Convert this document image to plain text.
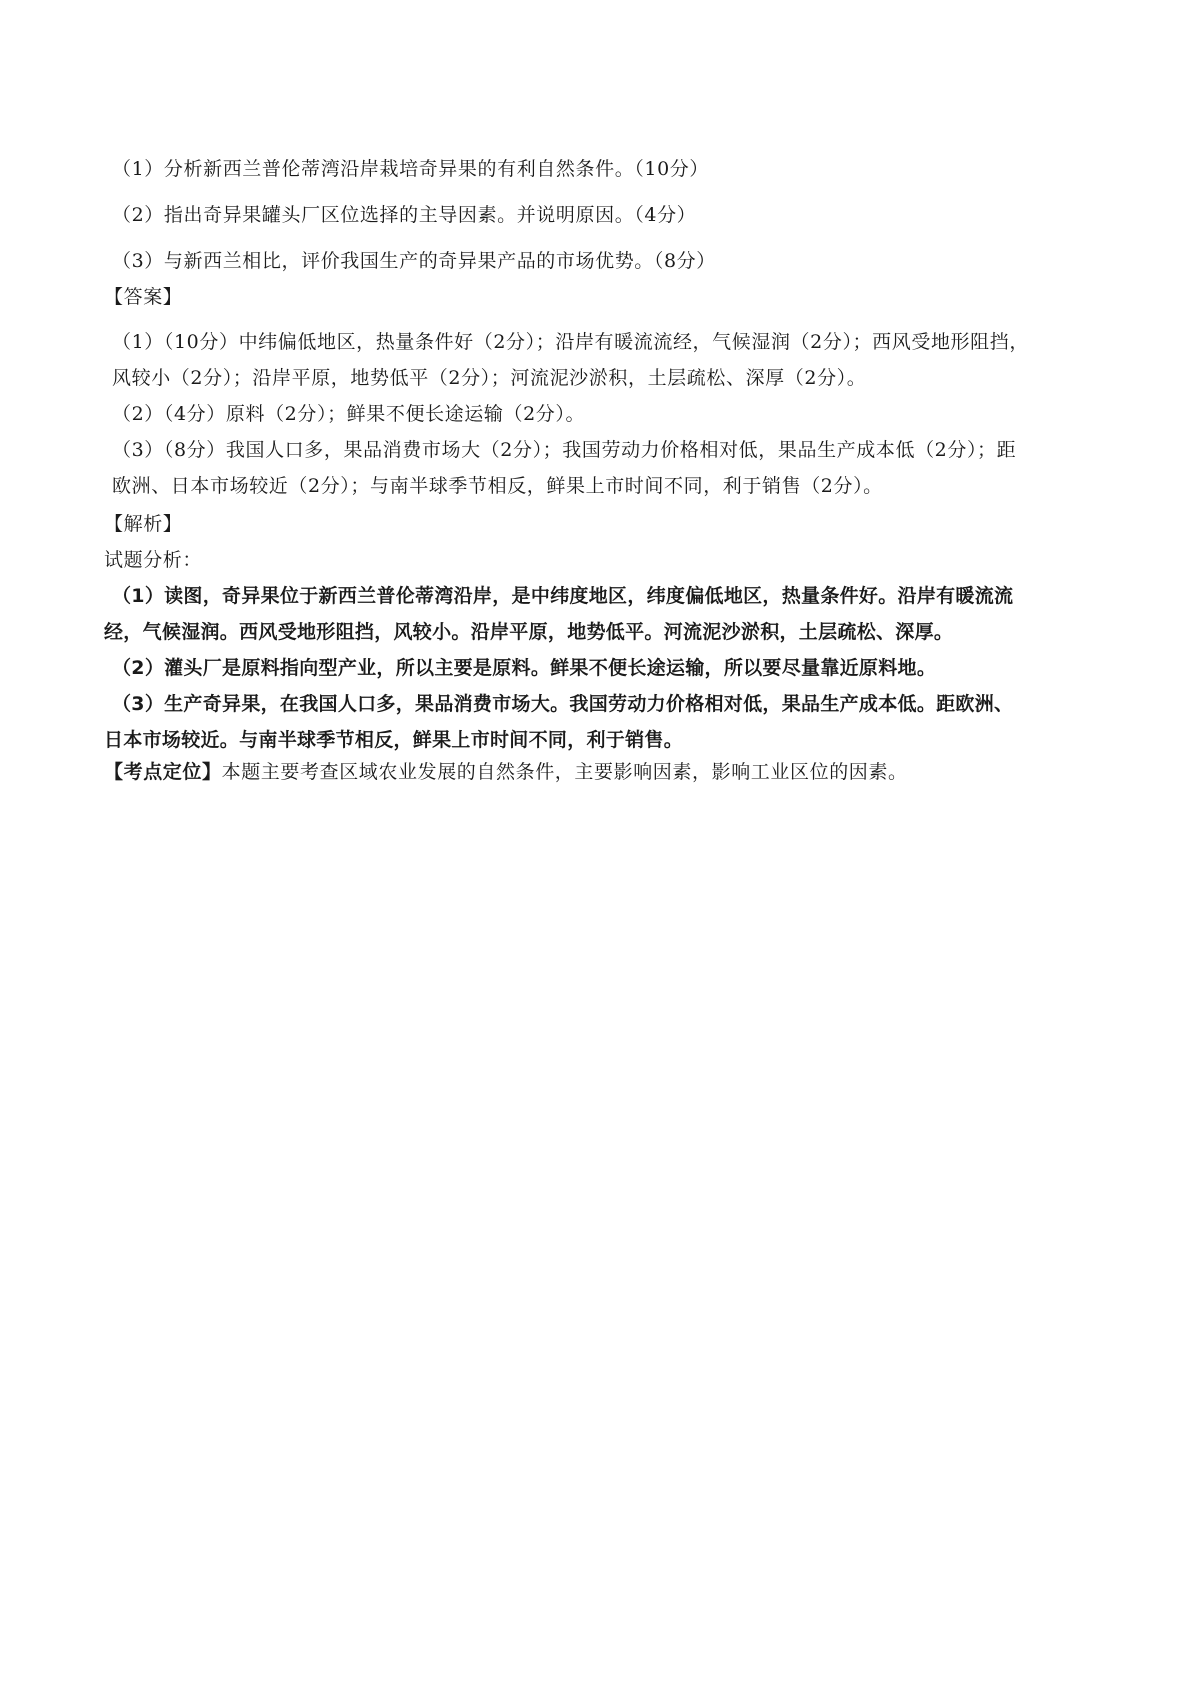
（1）分析新西兰普伦蒂湾沿岸栽培奇异果的有利自然条件。（10分）
（2）指出奇异果罐头厂区位选择的主导因素。并说明原因。（4分）
（3）与新西兰相比，评价我国生产的奇异果产品的市场优势。（8分）
【答案】
（1）（10分）中纬偏低地区，热量条件好（2分）；沿岸有暖流流经，气候湿润（2分）；西风受地形阻挡，
风较小（2分）；沿岸平原，地势低平（2分）；河流泥沙淤积，土层疏松、深厚（2分）。
（2）（4分）原料（2分）；鲜果不便长途运输（2分）。
（3）（8分）我国人口多，果品消费市场大（2分）；我国劳动力价格相对低，果品生产成本低（2分）；距
欧洲、日本市场较近（2分）；与南半球季节相反，鲜果上市时间不同，利于销售（2分）。
【解析】
试题分析：
（1）读图，奇异果位于新西兰普伦蒂湾沿岸，是中纬度地区，纬度偏低地区，热量条件好。沿岸有暖流流
经，气候湿润。西风受地形阻挡，风较小。沿岸平原，地势低平。河流泥沙淤积，土层疏松、深厚。
（2）灌头厂是原料指向型产业，所以主要是原料。鲜果不便长途运输，所以要尽量靠近原料地。
（3）生产奇异果，在我国人口多，果品消费市场大。我国劳动力价格相对低，果品生产成本低。距欧洲、
日本市场较近。与南半球季节相反，鲜果上市时间不同，利于销售。
【考点定位】本题主要考查区域农业发展的自然条件，主要影响因素，影响工业区位的因素。
